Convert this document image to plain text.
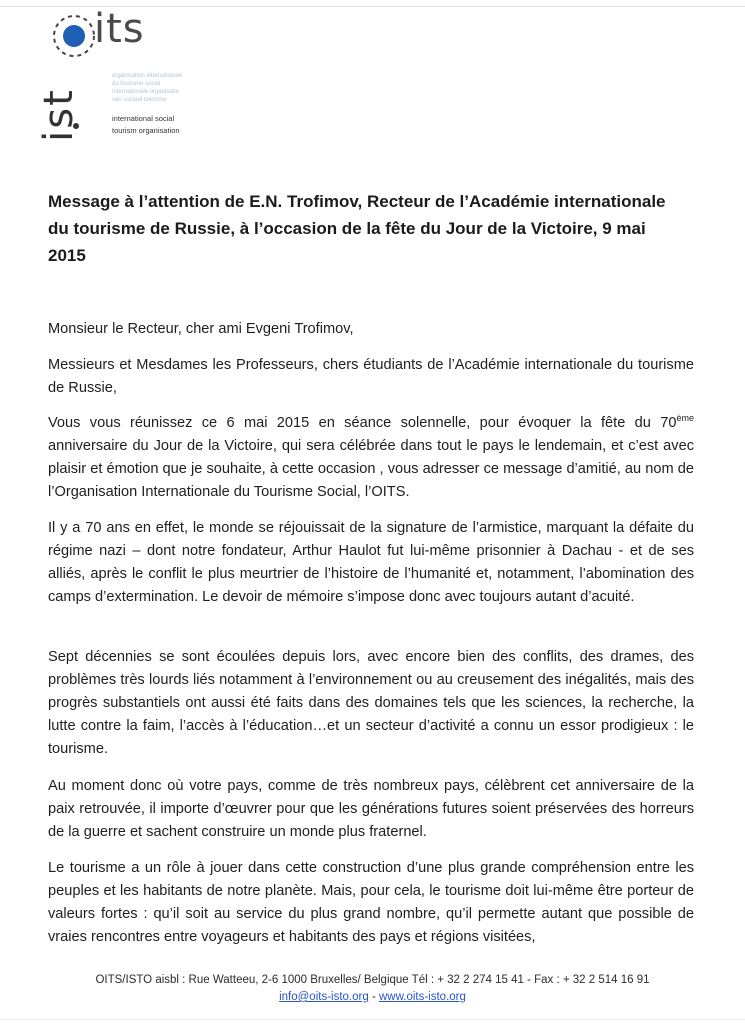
its
ist
organisation internationale
du tourisme social
internationale organisatie
van sociaal toerisme
international social
tourism organisation
Message à l’attention de E.N. Trofimov, Recteur de l’Académie internationale du tourisme de Russie, à l’occasion de la fête du Jour de la Victoire, 9 mai 2015

Monsieur le Recteur, cher ami Evgeni Trofimov,

Messieurs et Mesdames les Professeurs, chers étudiants de l’Académie internationale du tourisme de Russie,

Vous vous réunissez ce 6 mai 2015 en séance solennelle, pour évoquer la fête du 70ème anniversaire du Jour de la Victoire, qui sera célébrée dans tout le pays le lendemain, et c’est avec plaisir et émotion que je souhaite, à cette occasion , vous adresser ce message d’amitié, au nom de l’Organisation Internationale du Tourisme Social, l’OITS.

Il y a 70 ans en effet, le monde se réjouissait de la signature de l’armistice, marquant la défaite du régime nazi – dont notre fondateur, Arthur Haulot fut lui-même prisonnier à Dachau - et de ses alliés, après le conflit le plus meurtrier de l’histoire de l’humanité et, notamment, l’abomination des camps d’extermination. Le devoir de mémoire s’impose donc avec toujours autant d’acuité.

Sept décennies se sont écoulées depuis lors, avec encore bien des conflits, des drames, des problèmes très lourds liés notamment à l’environnement ou au creusement des inégalités, mais des progrès substantiels ont aussi été faits dans des domaines tels que les sciences, la recherche, la lutte contre la faim, l’accès à l’éducation…et un secteur d’activité a connu un essor prodigieux : le tourisme.

Au moment donc où votre pays, comme de très nombreux pays, célèbrent cet anniversaire de la paix retrouvée, il importe d’œuvrer pour que les générations futures soient préservées des horreurs de la guerre et sachent construire un monde plus fraternel.

Le tourisme a un rôle à jouer dans cette construction d’une plus grande compréhension entre les peuples et les habitants de notre planète. Mais, pour cela, le tourisme doit lui-même être porteur de valeurs fortes : qu’il soit au service du plus grand nombre, qu’il permette autant que possible de vraies rencontres entre voyageurs et habitants des pays et régions visitées,

OITS/ISTO aisbl : Rue Watteeu, 2-6 1000 Bruxelles/ Belgique Tél : + 32 2 274 15 41 - Fax : + 32 2 514 16 91
info@oits-isto.org - www.oits-isto.org
